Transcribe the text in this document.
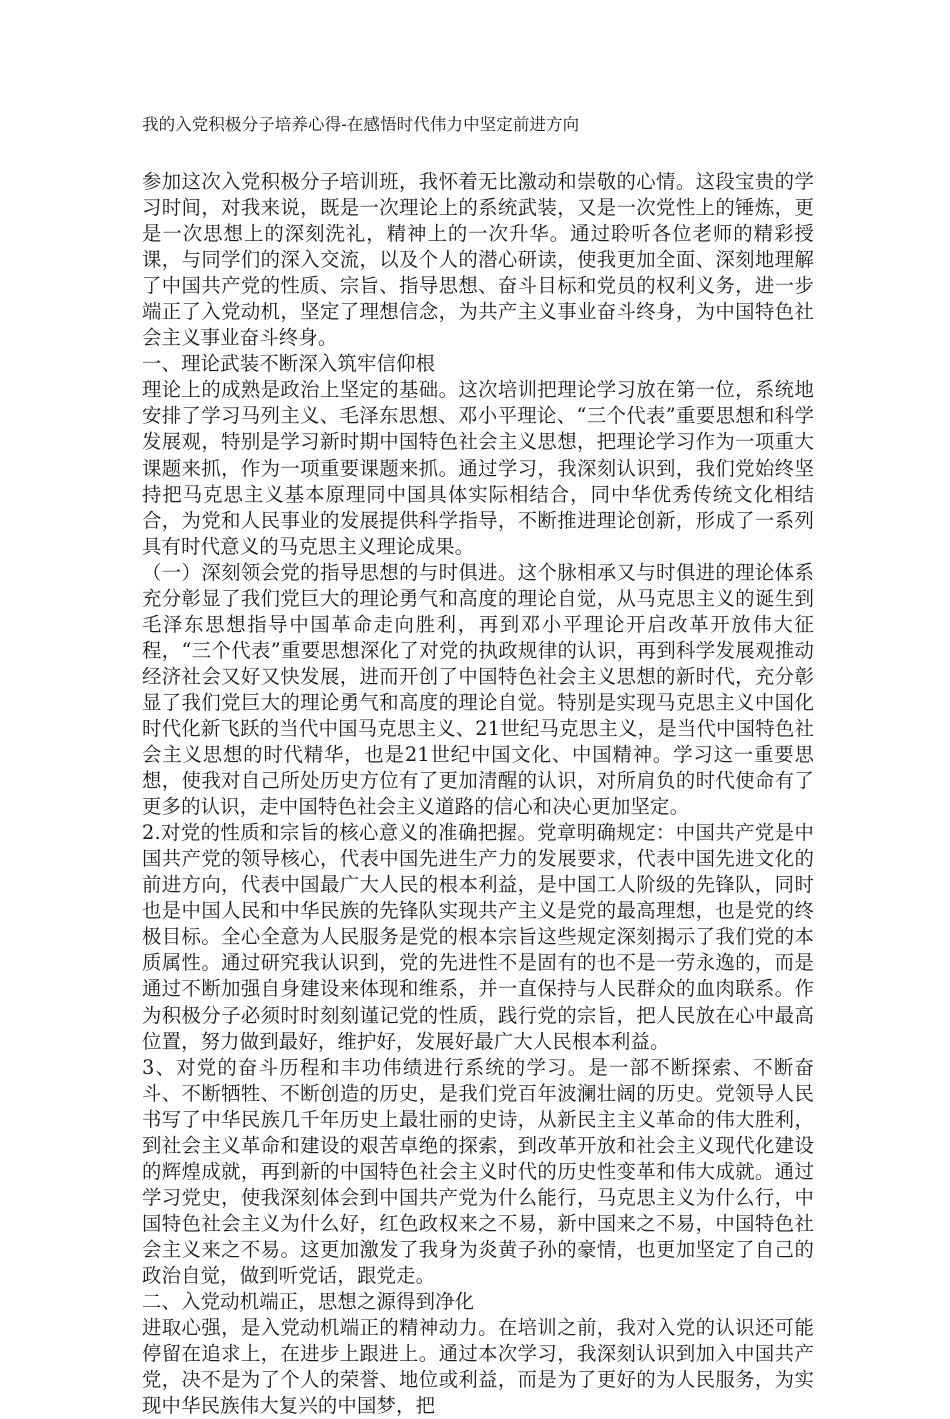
我的入党积极分子培养心得-在感悟时代伟力中坚定前进方向

参加这次入党积极分子培训班，我怀着无比激动和崇敬的心情。这段宝贵的学习时间，对我来说，既是一次理论上的系统武装，又是一次党性上的锤炼，更是一次思想上的深刻洗礼，精神上的一次升华。通过聆听各位老师的精彩授课，与同学们的深入交流，以及个人的潜心研读，使我更加全面、深刻地理解了中国共产党的性质、宗旨、指导思想、奋斗目标和党员的权利义务，进一步端正了入党动机，坚定了理想信念，为共产主义事业奋斗终身，为中国特色社会主义事业奋斗终身。

一、理论武装不断深入筑牢信仰根

理论上的成熟是政治上坚定的基础。这次培训把理论学习放在第一位，系统地安排了学习马列主义、毛泽东思想、邓小平理论、“三个代表”重要思想和科学发展观，特别是学习新时期中国特色社会主义思想，把理论学习作为一项重大课题来抓，作为一项重要课题来抓。通过学习，我深刻认识到，我们党始终坚持把马克思主义基本原理同中国具体实际相结合，同中华优秀传统文化相结合，为党和人民事业的发展提供科学指导，不断推进理论创新，形成了一系列具有时代意义的马克思主义理论成果。

（一）深刻领会党的指导思想的与时俱进。这个脉相承又与时俱进的理论体系充分彰显了我们党巨大的理论勇气和高度的理论自觉，从马克思主义的诞生到毛泽东思想指导中国革命走向胜利，再到邓小平理论开启改革开放伟大征程，“三个代表”重要思想深化了对党的执政规律的认识，再到科学发展观推动经济社会又好又快发展，进而开创了中国特色社会主义思想的新时代，充分彰显了我们党巨大的理论勇气和高度的理论自觉。特别是实现马克思主义中国化时代化新飞跃的当代中国马克思主义、21世纪马克思主义，是当代中国特色社会主义思想的时代精华，也是21世纪中国文化、中国精神。学习这一重要思想，使我对自己所处历史方位有了更加清醒的认识，对所肩负的时代使命有了更多的认识，走中国特色社会主义道路的信心和决心更加坚定。

2.对党的性质和宗旨的核心意义的准确把握。党章明确规定：中国共产党是中国共产党的领导核心，代表中国先进生产力的发展要求，代表中国先进文化的前进方向，代表中国最广大人民的根本利益，是中国工人阶级的先锋队，同时也是中国人民和中华民族的先锋队实现共产主义是党的最高理想，也是党的终极目标。全心全意为人民服务是党的根本宗旨这些规定深刻揭示了我们党的本质属性。通过研究我认识到，党的先进性不是固有的也不是一劳永逸的，而是通过不断加强自身建设来体现和维系，并一直保持与人民群众的血肉联系。作为积极分子必须时时刻刻谨记党的性质，践行党的宗旨，把人民放在心中最高位置，努力做到最好，维护好，发展好最广大人民根本利益。

3、对党的奋斗历程和丰功伟绩进行系统的学习。是一部不断探索、不断奋斗、不断牺牲、不断创造的历史，是我们党百年波澜壮阔的历史。党领导人民书写了中华民族几千年历史上最壮丽的史诗，从新民主主义革命的伟大胜利，到社会主义革命和建设的艰苦卓绝的探索，到改革开放和社会主义现代化建设的辉煌成就，再到新的中国特色社会主义时代的历史性变革和伟大成就。通过学习党史，使我深刻体会到中国共产党为什么能行，马克思主义为什么行，中国特色社会主义为什么好，红色政权来之不易，新中国来之不易，中国特色社会主义来之不易。这更加激发了我身为炎黄子孙的豪情，也更加坚定了自己的政治自觉，做到听党话，跟党走。

二、入党动机端正，思想之源得到净化

进取心强，是入党动机端正的精神动力。在培训之前，我对入党的认识还可能停留在追求上，在进步上跟进上。通过本次学习，我深刻认识到加入中国共产党，决不是为了个人的荣誉、地位或利益，而是为了更好的为人民服务，为实现中华民族伟大复兴的中国梦，把
